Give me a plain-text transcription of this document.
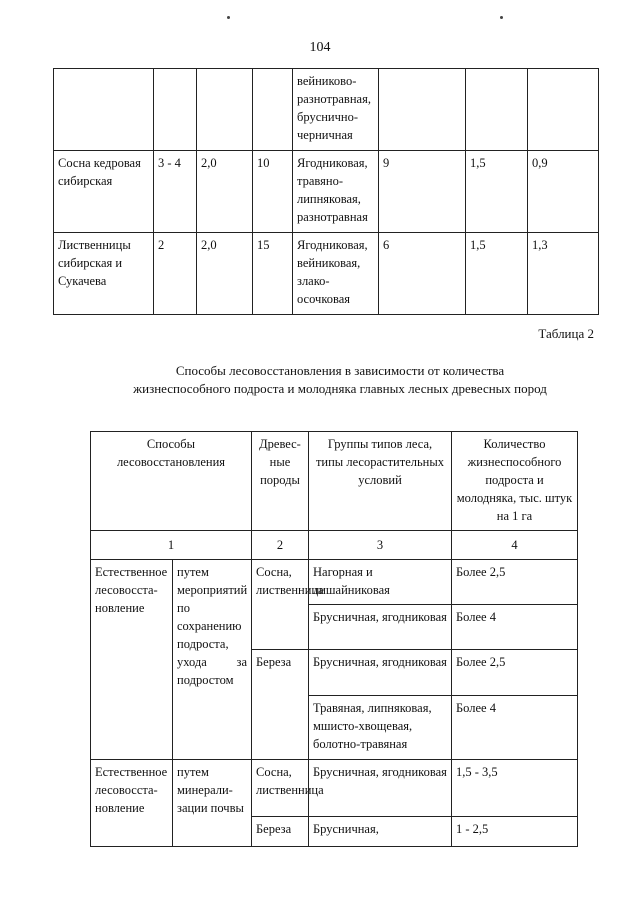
104
				вейниково-разнотравная, бруснично-черничная			
Сосна кедровая сибирская	3 - 4	2,0	10	Ягодниковая, травяно-липняковая, разнотравная	9	1,5	0,9
Лиственницы сибирская и Сукачева	2	2,0	15	Ягодниковая, вейниковая, злако-осочковая	6	1,5	1,3
Таблица 2
Способы лесовосстановления в зависимости от количества жизнеспособного подроста и молодняка главных лесных древесных пород
Способы лесовосстановления		Древес-ные породы	Группы типов леса, типы лесорастительных условий	Количество жизнеспособного подроста и молодняка, тыс. штук на 1 га
1		2	3	4
Естественное лесовосста-новление	путем мероприятий по сохранению подроста, ухода за подростом	Сосна, лиственница	Нагорная и лишайниковая	Более 2,5
			Брусничная, ягодниковая	Более 4
		Береза	Брусничная, ягодниковая	Более 2,5
			Травяная, липняковая, мшисто-хвощевая, болотно-травяная	Более 4
Естественное лесовосста-новление	путем минерали-зации почвы	Сосна, лиственница	Брусничная, ягодниковая	1,5 - 3,5
		Береза	Брусничная,	1 - 2,5
